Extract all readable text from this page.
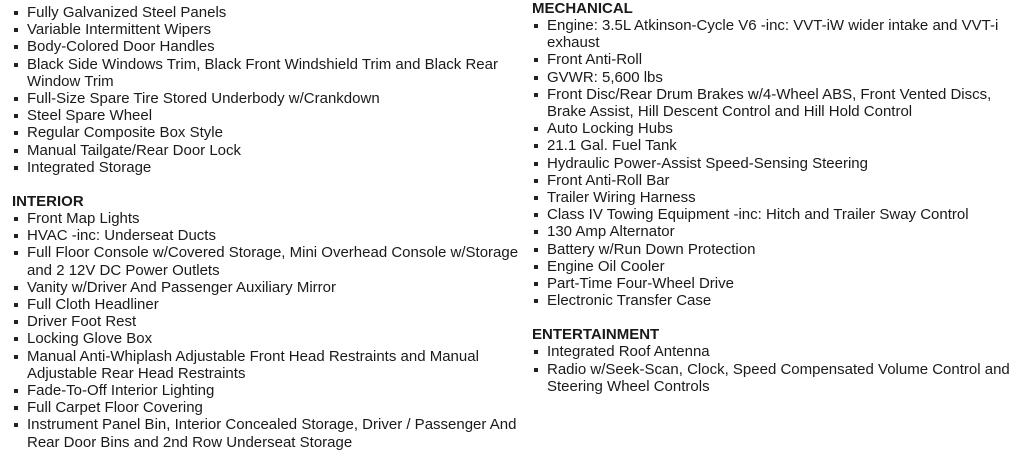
Fully Galvanized Steel Panels
Variable Intermittent Wipers
Body-Colored Door Handles
Black Side Windows Trim, Black Front Windshield Trim and Black Rear Window Trim
Full-Size Spare Tire Stored Underbody w/Crankdown
Steel Spare Wheel
Regular Composite Box Style
Manual Tailgate/Rear Door Lock
Integrated Storage
INTERIOR
Front Map Lights
HVAC -inc: Underseat Ducts
Full Floor Console w/Covered Storage, Mini Overhead Console w/Storage and 2 12V DC Power Outlets
Vanity w/Driver And Passenger Auxiliary Mirror
Full Cloth Headliner
Driver Foot Rest
Locking Glove Box
Manual Anti-Whiplash Adjustable Front Head Restraints and Manual Adjustable Rear Head Restraints
Fade-To-Off Interior Lighting
Full Carpet Floor Covering
Instrument Panel Bin, Interior Concealed Storage, Driver / Passenger And Rear Door Bins and 2nd Row Underseat Storage
MECHANICAL
Engine: 3.5L Atkinson-Cycle V6 -inc: VVT-iW wider intake and VVT-i exhaust
Front Anti-Roll
GVWR: 5,600 lbs
Front Disc/Rear Drum Brakes w/4-Wheel ABS, Front Vented Discs, Brake Assist, Hill Descent Control and Hill Hold Control
Auto Locking Hubs
21.1 Gal. Fuel Tank
Hydraulic Power-Assist Speed-Sensing Steering
Front Anti-Roll Bar
Trailer Wiring Harness
Class IV Towing Equipment -inc: Hitch and Trailer Sway Control
130 Amp Alternator
Battery w/Run Down Protection
Engine Oil Cooler
Part-Time Four-Wheel Drive
Electronic Transfer Case
ENTERTAINMENT
Integrated Roof Antenna
Radio w/Seek-Scan, Clock, Speed Compensated Volume Control and Steering Wheel Controls
